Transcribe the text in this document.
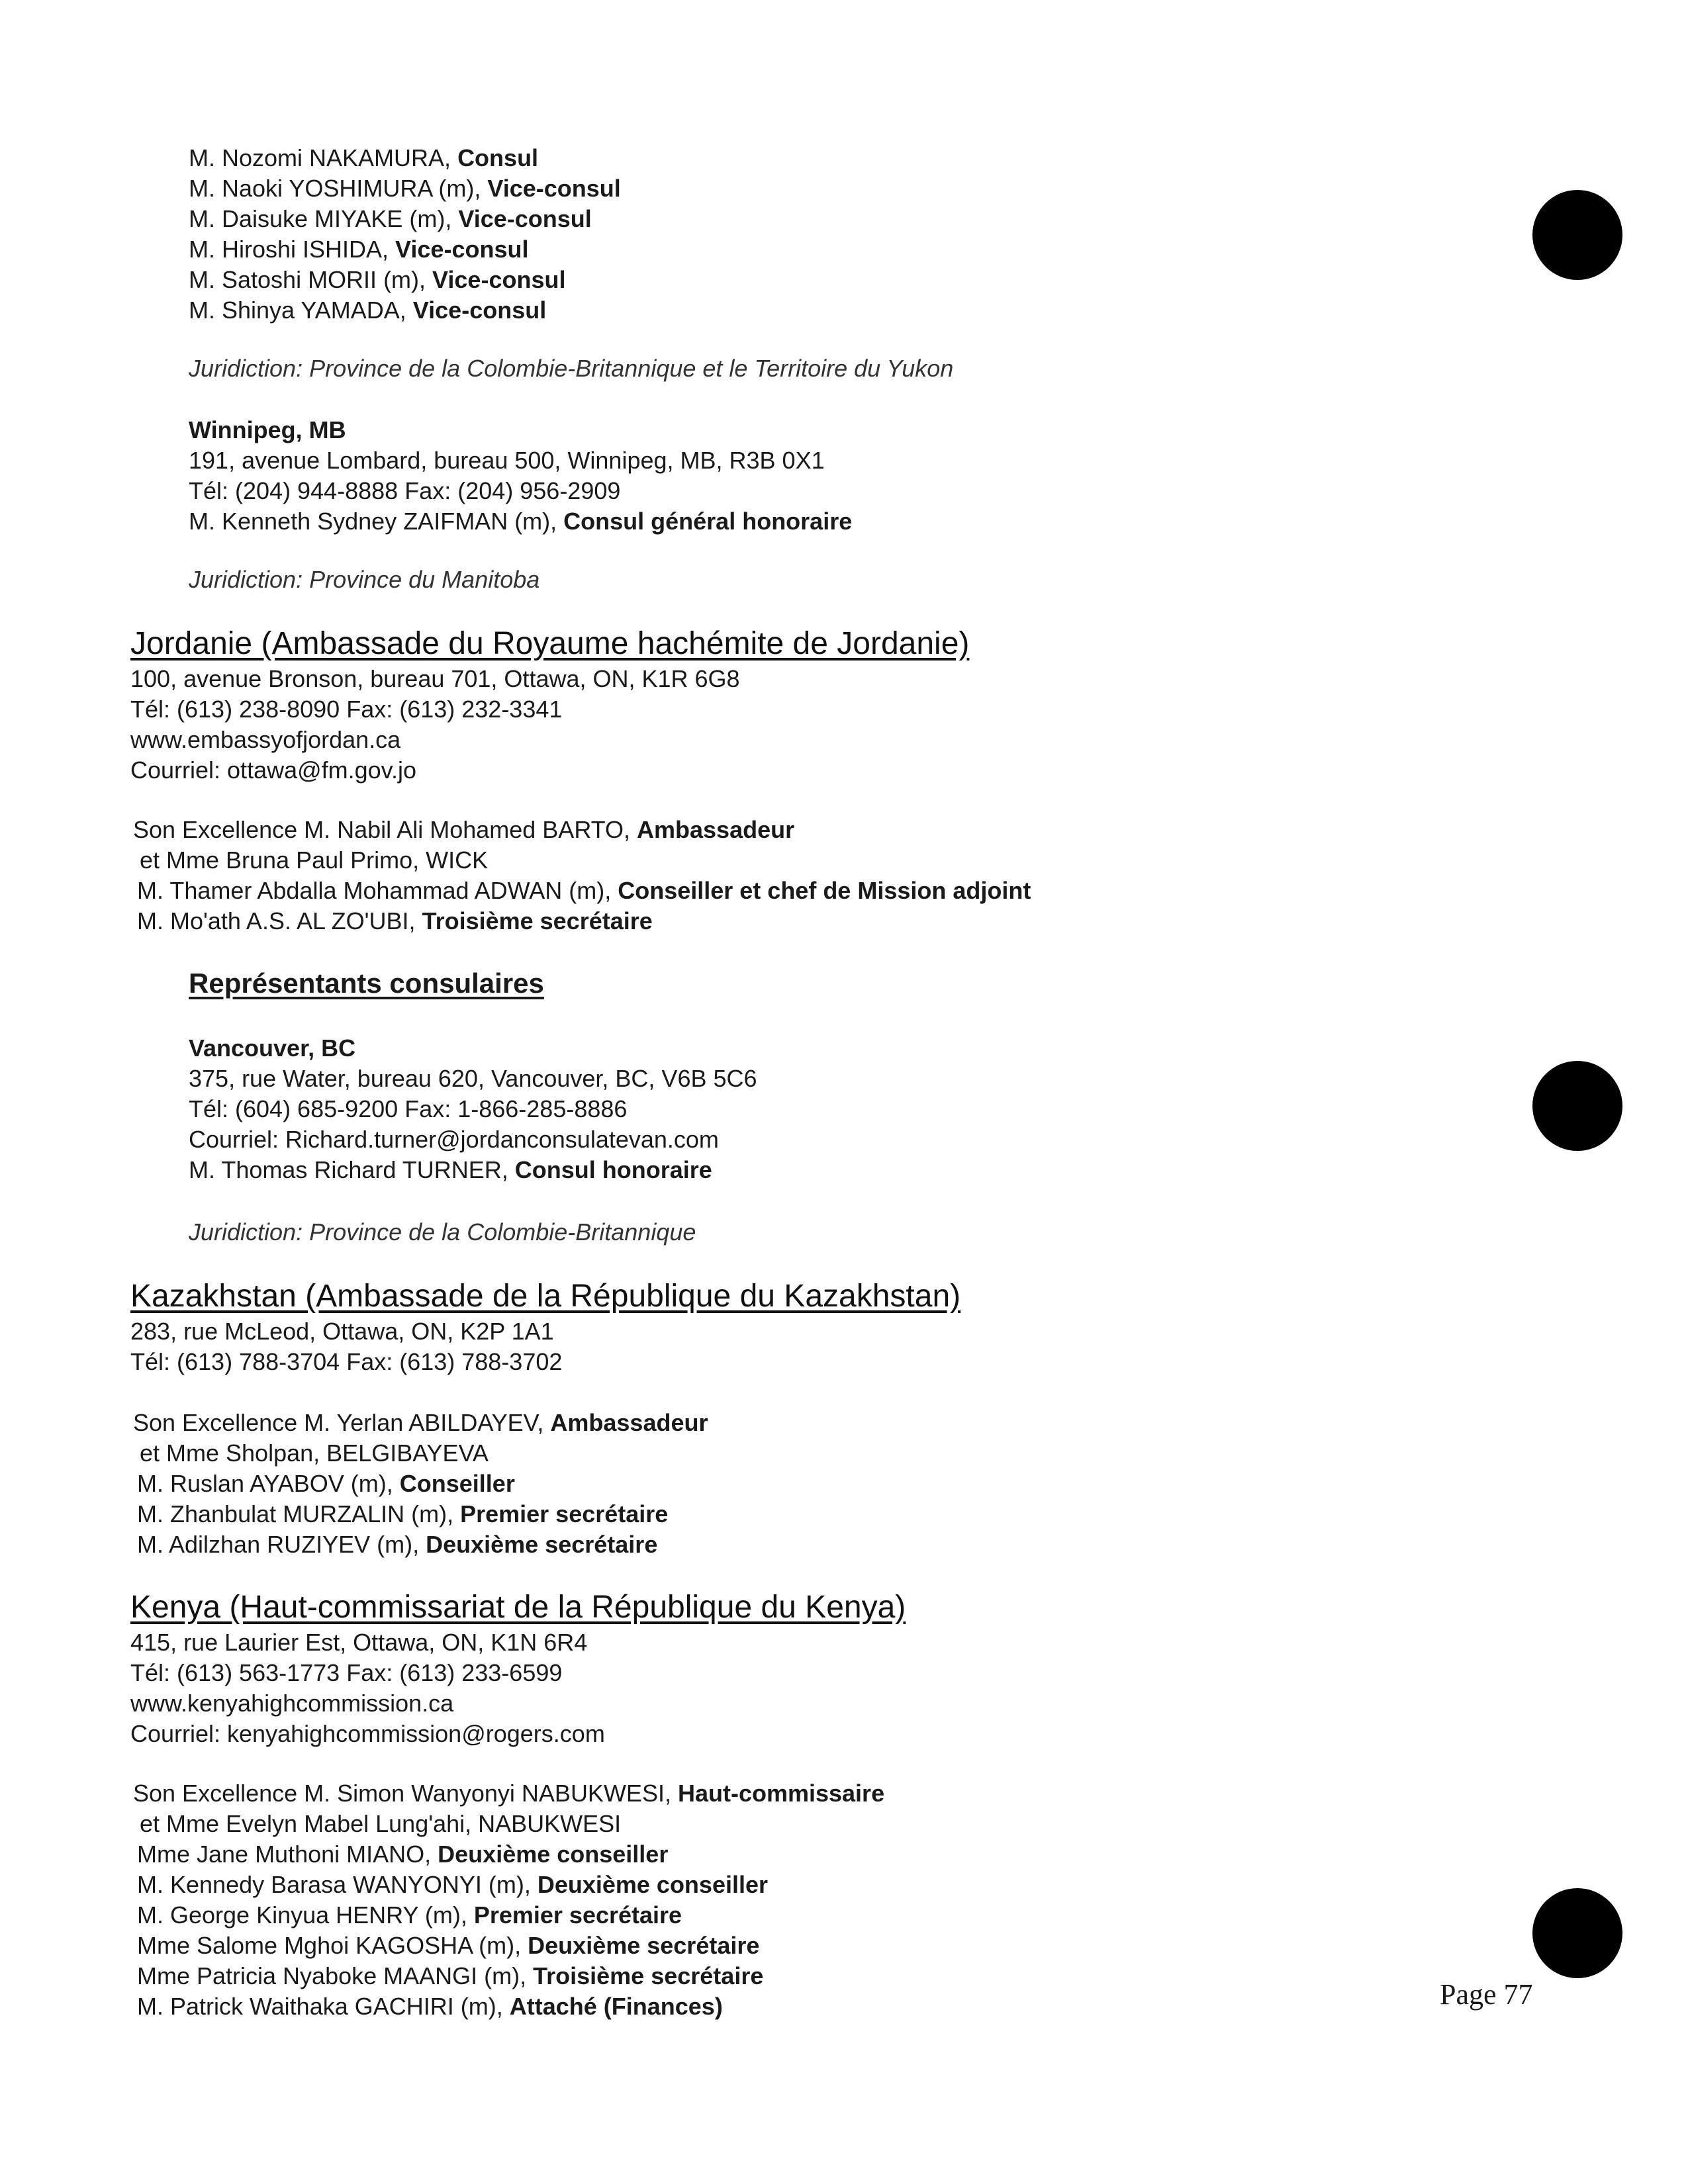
M. Nozomi NAKAMURA, Consul
M. Naoki YOSHIMURA (m), Vice-consul
M. Daisuke MIYAKE (m), Vice-consul
M. Hiroshi ISHIDA, Vice-consul
M. Satoshi MORII (m), Vice-consul
M. Shinya YAMADA, Vice-consul
Juridiction: Province de la Colombie-Britannique et le Territoire du Yukon
Winnipeg, MB
191, avenue Lombard, bureau 500, Winnipeg, MB, R3B 0X1
Tél: (204) 944-8888 Fax: (204) 956-2909
M. Kenneth Sydney ZAIFMAN (m), Consul général honoraire
Juridiction: Province du Manitoba
Jordanie (Ambassade du Royaume hachémite de Jordanie)
100, avenue Bronson, bureau 701, Ottawa, ON, K1R 6G8
Tél: (613) 238-8090 Fax: (613) 232-3341
www.embassyofjordan.ca
Courriel: ottawa@fm.gov.jo
Son Excellence M. Nabil Ali Mohamed BARTO, Ambassadeur
et Mme Bruna Paul Primo, WICK
M. Thamer Abdalla Mohammad ADWAN (m), Conseiller et chef de Mission adjoint
M. Mo'ath A.S. AL ZO'UBI, Troisième secrétaire
Représentants consulaires
Vancouver, BC
375, rue Water, bureau 620, Vancouver, BC, V6B 5C6
Tél: (604) 685-9200 Fax: 1-866-285-8886
Courriel: Richard.turner@jordanconsulatevan.com
M. Thomas Richard TURNER, Consul honoraire
Juridiction: Province de la Colombie-Britannique
Kazakhstan (Ambassade de la République du Kazakhstan)
283, rue McLeod, Ottawa, ON, K2P 1A1
Tél: (613) 788-3704 Fax: (613) 788-3702
Son Excellence M. Yerlan ABILDAYEV, Ambassadeur
et Mme Sholpan, BELGIBAYEVA
M. Ruslan AYABOV (m), Conseiller
M. Zhanbulat MURZALIN (m), Premier secrétaire
M. Adilzhan RUZIYEV (m), Deuxième secrétaire
Kenya (Haut-commissariat de la République du Kenya)
415, rue Laurier Est, Ottawa, ON, K1N 6R4
Tél: (613) 563-1773 Fax: (613) 233-6599
www.kenyahighcommission.ca
Courriel: kenyahighcommission@rogers.com
Son Excellence M. Simon Wanyonyi NABUKWESI, Haut-commissaire
et Mme Evelyn Mabel Lung'ahi, NABUKWESI
Mme Jane Muthoni MIANO, Deuxième conseiller
M. Kennedy Barasa WANYONYI (m), Deuxième conseiller
M. George Kinyua HENRY (m), Premier secrétaire
Mme Salome Mghoi KAGOSHA (m), Deuxième secrétaire
Mme Patricia Nyaboke MAANGI (m), Troisième secrétaire
M. Patrick Waithaka GACHIRI (m), Attaché (Finances)	Page 77
